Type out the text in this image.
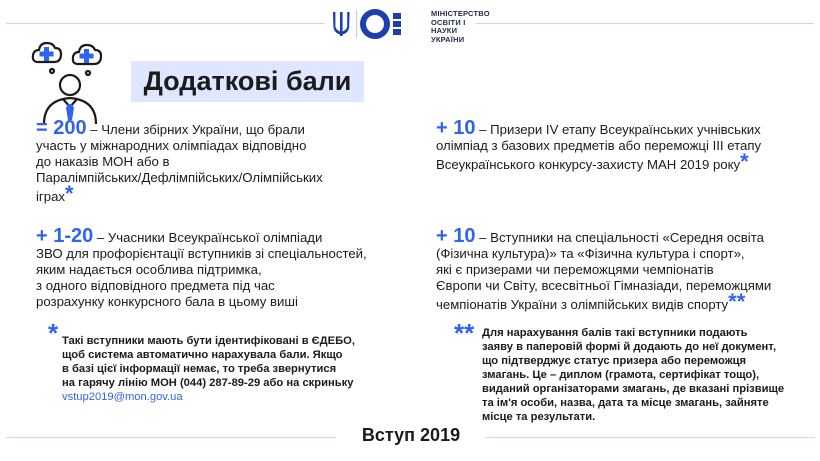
МІНІСТЕРСТВО
ОСВІТИ І НАУКИ
УКРАЇНИ
Додаткові бали
= 200 – Члени збірних України, що брали
участь у міжнародних олімпіадах відповідно
до наказів МОН або в
Паралімпійських/Дефлімпійських/Олімпійських
іграх*
+ 10 – Призери IV етапу Всеукраїнських учнівських
олімпіад з базових предметів або переможці III етапу
Всеукраїнського конкурсу-захисту МАН 2019 року*
+ 1-20 – Учасники Всеукраїнської олімпіади
ЗВО для профорієнтації вступників зі спеціальностей,
яким надається особлива підтримка,
з одного відповідного предмета під час
розрахунку конкурсного бала в цьому виші
+ 10 – Вступники на спеціальності «Середня освіта
(Фізична культура)» та «Фізична культура і спорт»,
які є призерами чи переможцями чемпіонатів
Європи чи Світу, всесвітньої Гімназіади, переможцями
чемпіонатів України з олімпійських видів спорту**
* Такі вступники мають бути ідентифіковані в ЄДЕБО,
щоб система автоматично нарахувала бали. Якщо
в базі цієї інформації немає, то треба звернутися
на гарячу лінію МОН (044) 287-89-29 або на скриньку
vstup2019@mon.gov.ua
** Для нарахування балів такі вступники подають
заяву в паперовій формі й додають до неї документ,
що підтверджує статус призера або переможця
змагань. Це – диплом (грамота, сертифікат тощо),
виданий організаторами змагань, де вказані прізвище
та ім'я особи, назва, дата та місце змагань, зайняте
місце та результати.
Вступ 2019
